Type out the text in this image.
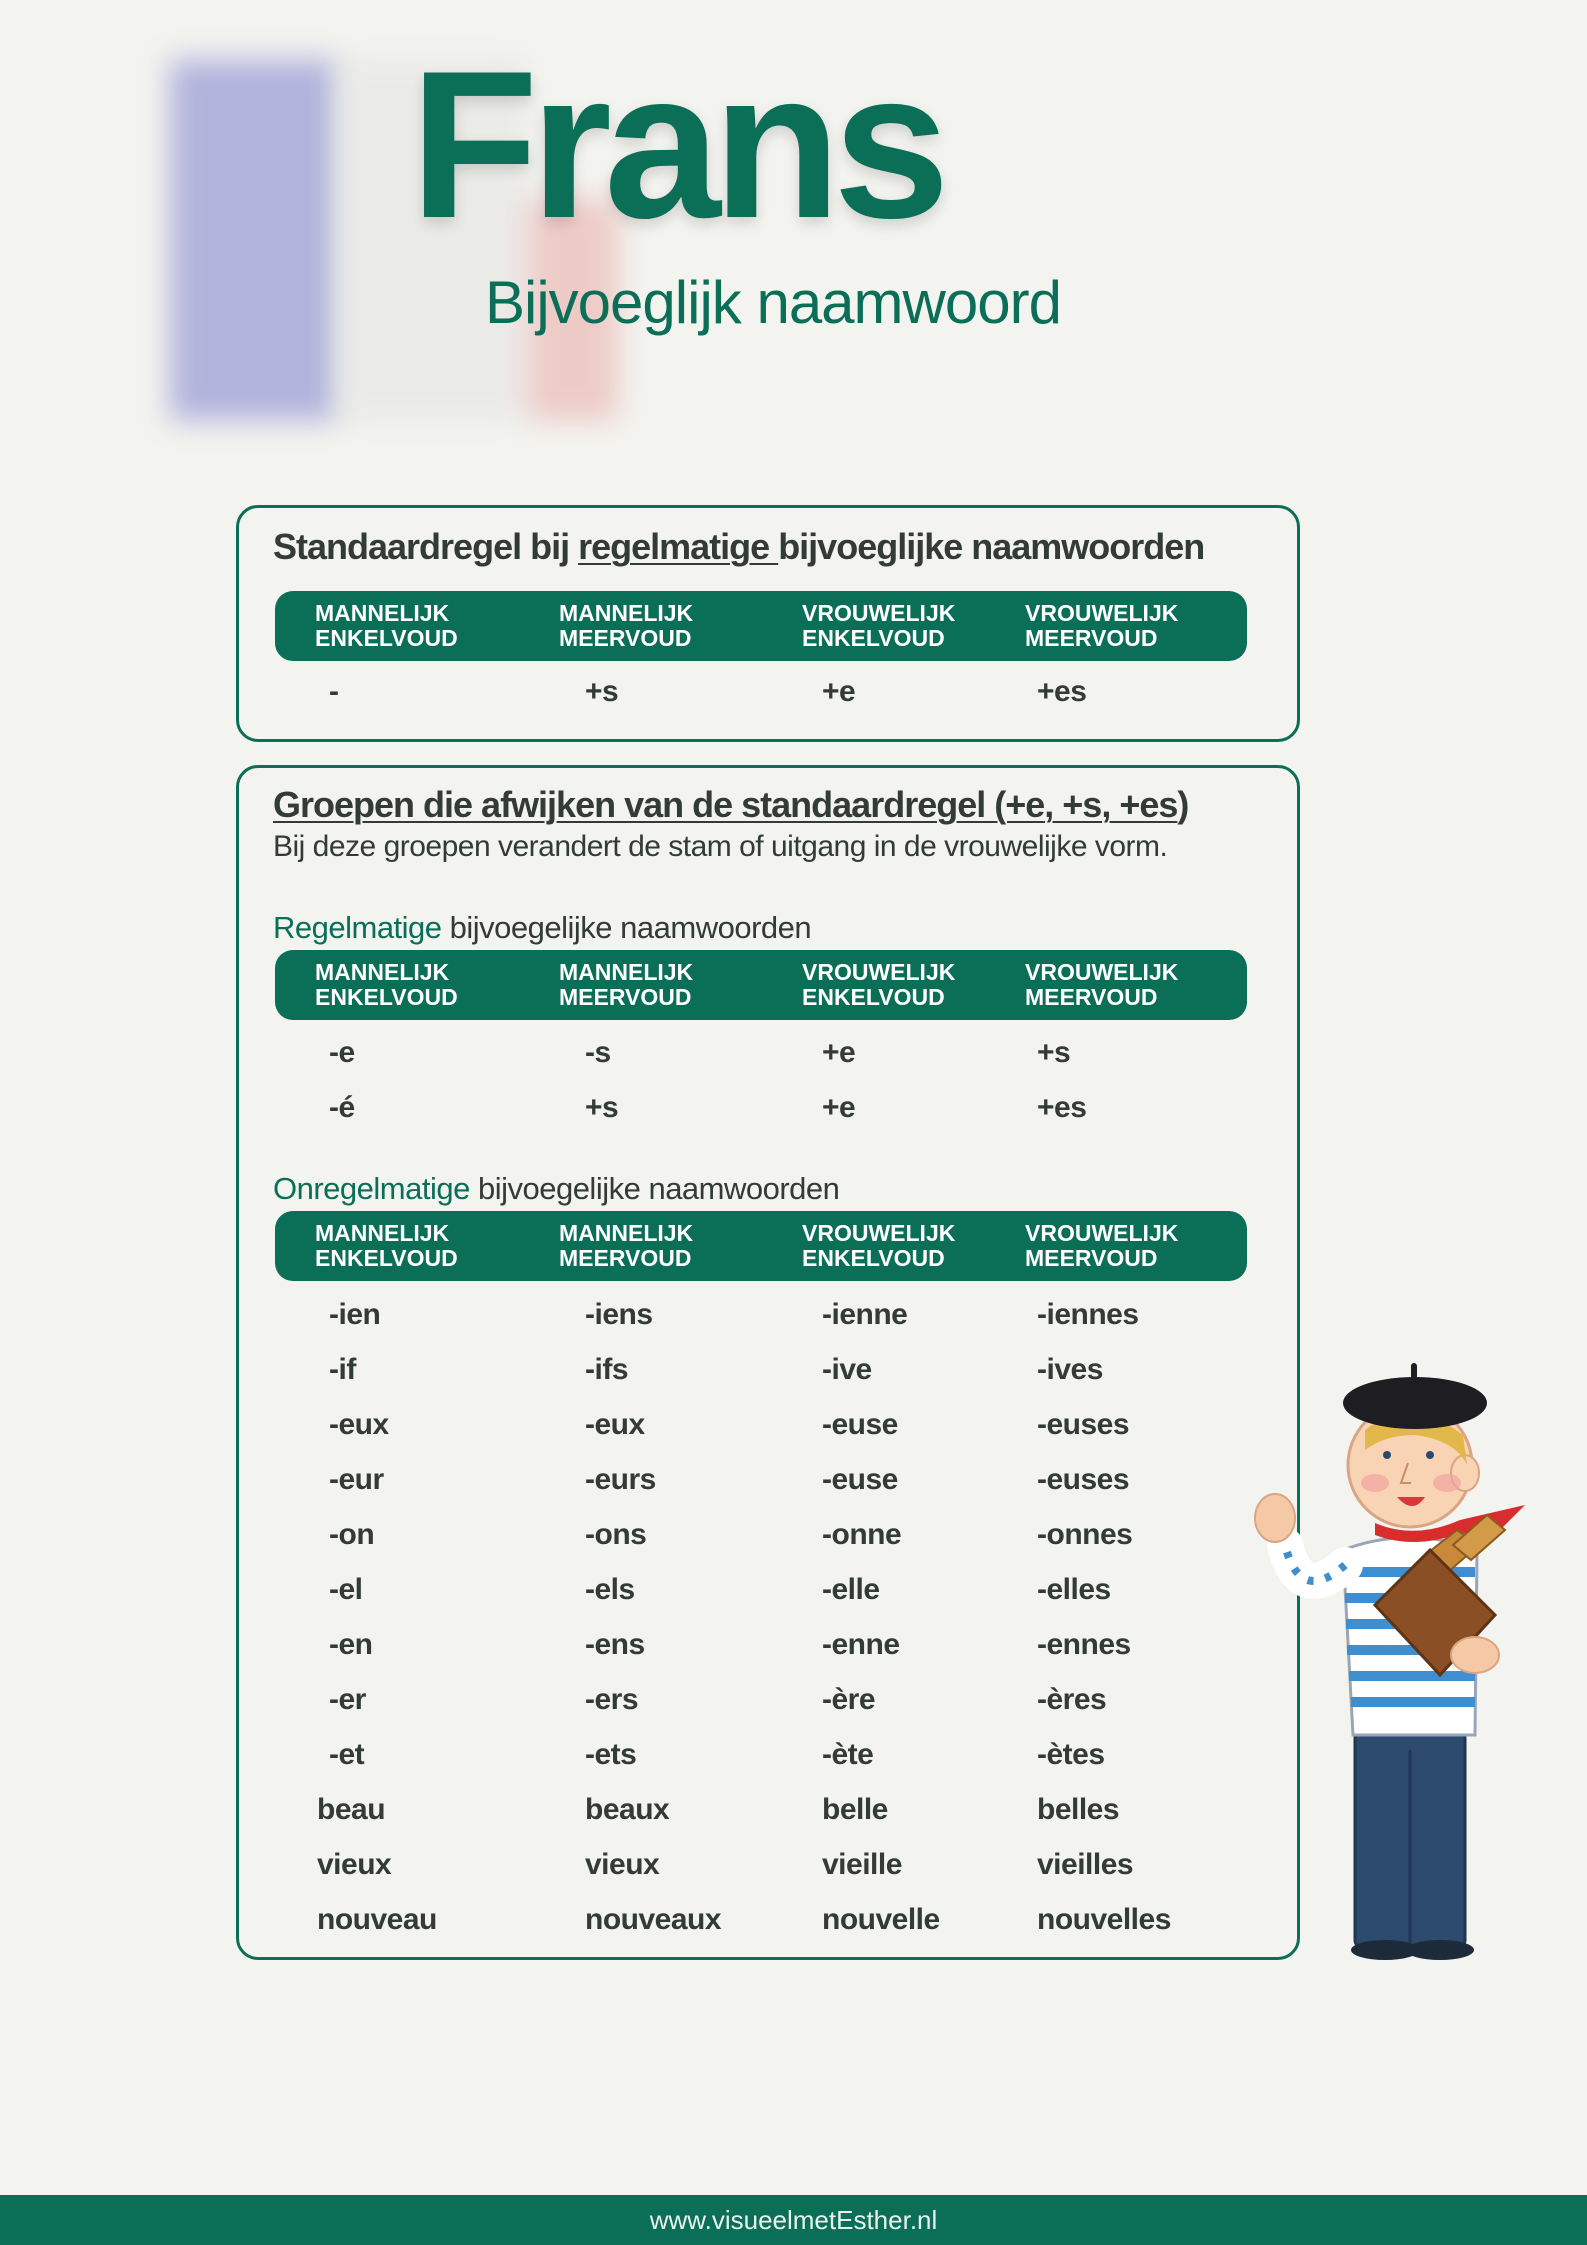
Frans
Bijvoeglijk naamwoord
Standaardregel bij regelmatige bijvoeglijke naamwoorden
MANNELIJK
ENKELVOUD
MANNELIJK
MEERVOUD
VROUWELIJK
ENKELVOUD
VROUWELIJK
MEERVOUD
-	+s	+e	+es
Groepen die afwijken van de standaardregel (+e, +s, +es)
Bij deze groepen verandert de stam of uitgang in de vrouwelijke vorm.
Regelmatige bijvoegelijke naamwoorden
MANNELIJK
ENKELVOUD
MANNELIJK
MEERVOUD
VROUWELIJK
ENKELVOUD
VROUWELIJK
MEERVOUD
-e	-s	+e	+s
-é	+s	+e	+es
Onregelmatige bijvoegelijke naamwoorden
MANNELIJK
ENKELVOUD
MANNELIJK
MEERVOUD
VROUWELIJK
ENKELVOUD
VROUWELIJK
MEERVOUD
-ien	-iens	-ienne	-iennes
-if	-ifs	-ive	-ives
-eux	-eux	-euse	-euses
-eur	-eurs	-euse	-euses
-on	-ons	-onne	-onnes
-el	-els	-elle	-elles
-en	-ens	-enne	-ennes
-er	-ers	-ère	-ères
-et	-ets	-ète	-ètes
beau	beaux	belle	belles
vieux	vieux	vieille	vieilles
nouveau	nouveaux	nouvelle	nouvelles
www.visueelmetEsther.nl
